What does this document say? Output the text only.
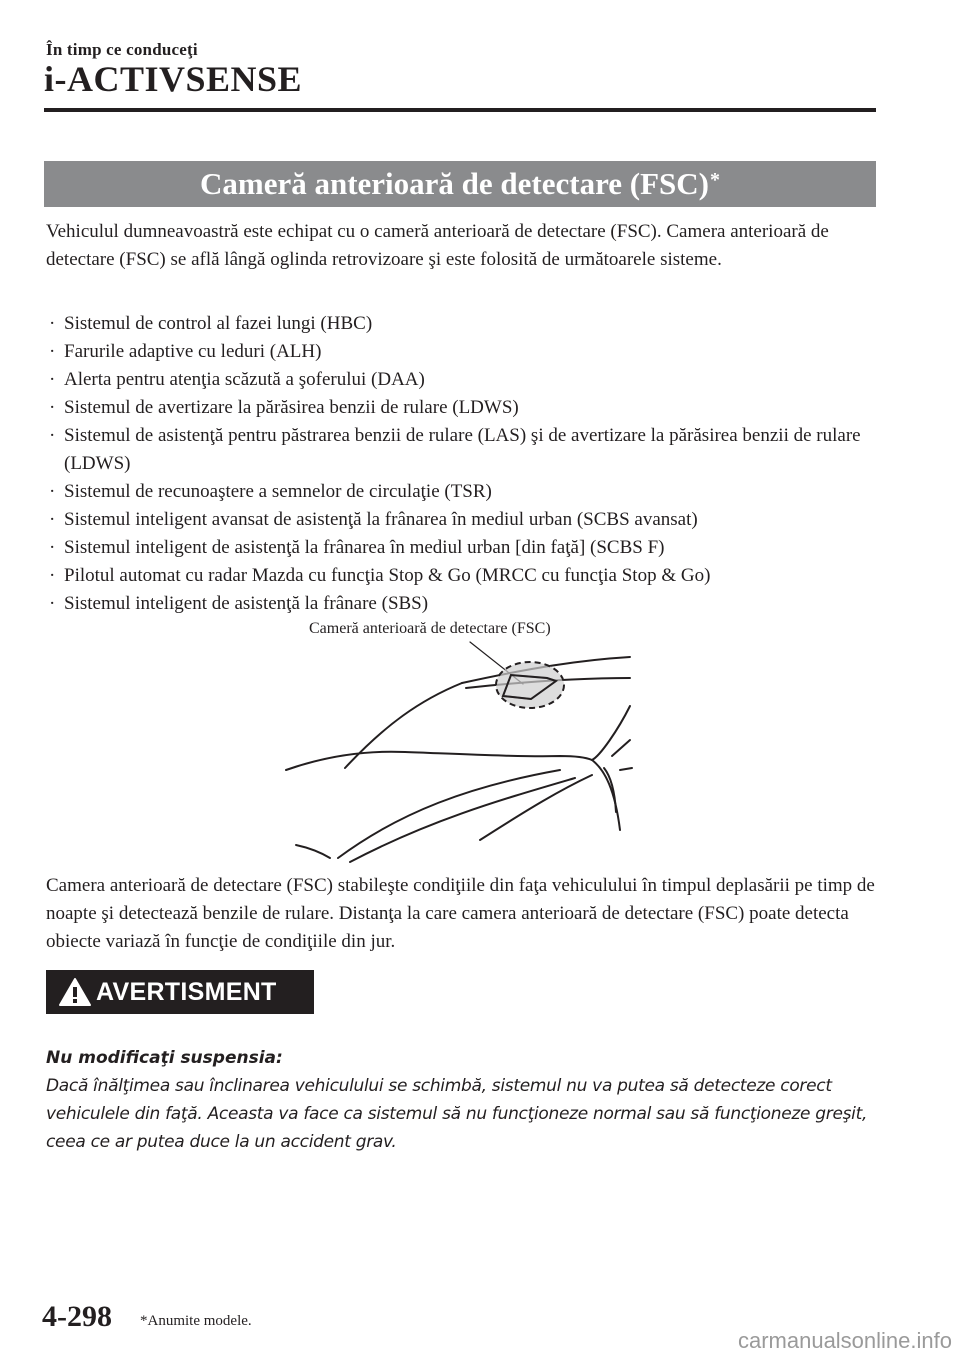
În timp ce conduceţi
i-ACTIVSENSE
Cameră anterioară de detectare (FSC)*
Vehiculul dumneavoastră este echipat cu o cameră anterioară de detectare (FSC). Camera anterioară de detectare (FSC) se află lângă oglinda retrovizoare şi este folosită de următoarele sisteme.
· Sistemul de control al fazei lungi (HBC)
· Farurile adaptive cu leduri (ALH)
· Alerta pentru atenţia scăzută a şoferului (DAA)
· Sistemul de avertizare la părăsirea benzii de rulare (LDWS)
· Sistemul de asistenţă pentru păstrarea benzii de rulare (LAS) şi de avertizare la părăsirea benzii de rulare (LDWS)
· Sistemul de recunoaştere a semnelor de circulaţie (TSR)
· Sistemul inteligent avansat de asistenţă la frânarea în mediul urban (SCBS avansat)
· Sistemul inteligent de asistenţă la frânarea în mediul urban [din faţă] (SCBS F)
· Pilotul automat cu radar Mazda cu funcţia Stop & Go (MRCC cu funcţia Stop & Go)
· Sistemul inteligent de asistenţă la frânare (SBS)
Cameră anterioară de detectare (FSC)
Camera anterioară de detectare (FSC) stabileşte condiţiile din faţa vehiculului în timpul deplasării pe timp de noapte şi detectează benzile de rulare. Distanţa la care camera anterioară de detectare (FSC) poate detecta obiecte variază în funcţie de condiţiile din jur.
AVERTISMENT
Nu modificaţi suspensia:
Dacă înălţimea sau înclinarea vehiculului se schimbă, sistemul nu va putea să detecteze corect vehiculele din faţă. Aceasta va face ca sistemul să nu funcţioneze normal sau să funcţioneze greşit, ceea ce ar putea duce la un accident grav.
4-298 *Anumite modele.
carmanualsonline.info
